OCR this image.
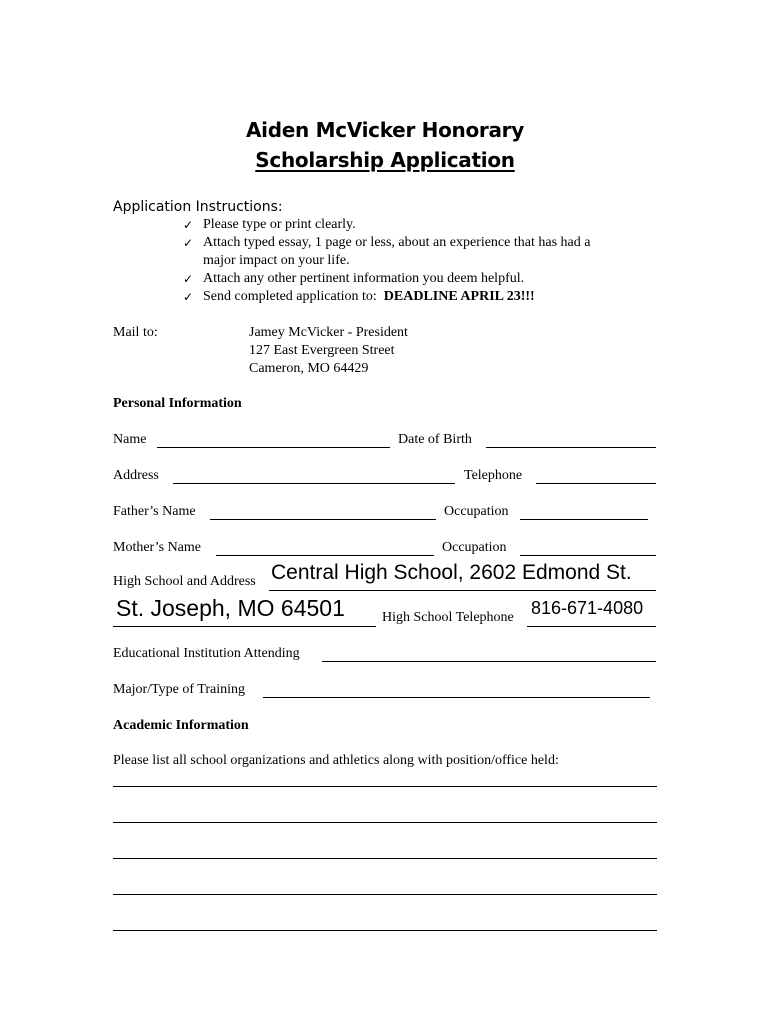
Aiden McVicker Honorary
Scholarship Application
Application Instructions:
✓ Please type or print clearly.
✓ Attach typed essay, 1 page or less, about an experience that has had a
major impact on your life.
✓ Attach any other pertinent information you deem helpful.
✓ Send completed application to: DEADLINE APRIL 23!!!
Mail to:	Jamey McVicker - President
127 East Evergreen Street
Cameron, MO 64429
Personal Information
Name	Date of Birth
Address	Telephone
Father’s Name	Occupation
Mother’s Name	Occupation
High School and Address Central High School, 2602 Edmond St.
St. Joseph, MO 64501	High School Telephone 816-671-4080
Educational Institution Attending
Major/Type of Training
Academic Information
Please list all school organizations and athletics along with position/office held:
